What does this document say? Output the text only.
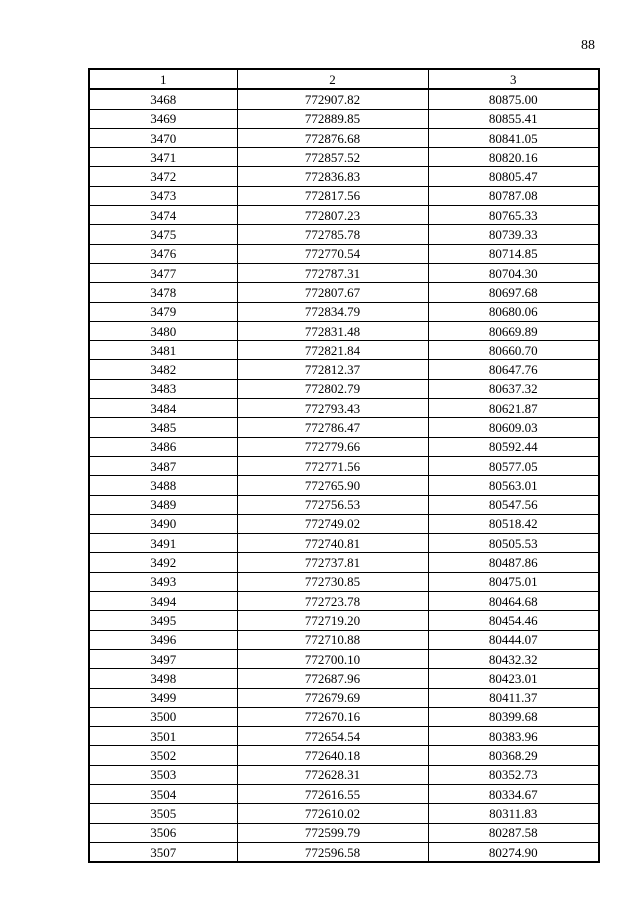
88
1	2	3
3468	772907.82	80875.00
3469	772889.85	80855.41
3470	772876.68	80841.05
3471	772857.52	80820.16
3472	772836.83	80805.47
3473	772817.56	80787.08
3474	772807.23	80765.33
3475	772785.78	80739.33
3476	772770.54	80714.85
3477	772787.31	80704.30
3478	772807.67	80697.68
3479	772834.79	80680.06
3480	772831.48	80669.89
3481	772821.84	80660.70
3482	772812.37	80647.76
3483	772802.79	80637.32
3484	772793.43	80621.87
3485	772786.47	80609.03
3486	772779.66	80592.44
3487	772771.56	80577.05
3488	772765.90	80563.01
3489	772756.53	80547.56
3490	772749.02	80518.42
3491	772740.81	80505.53
3492	772737.81	80487.86
3493	772730.85	80475.01
3494	772723.78	80464.68
3495	772719.20	80454.46
3496	772710.88	80444.07
3497	772700.10	80432.32
3498	772687.96	80423.01
3499	772679.69	80411.37
3500	772670.16	80399.68
3501	772654.54	80383.96
3502	772640.18	80368.29
3503	772628.31	80352.73
3504	772616.55	80334.67
3505	772610.02	80311.83
3506	772599.79	80287.58
3507	772596.58	80274.90
